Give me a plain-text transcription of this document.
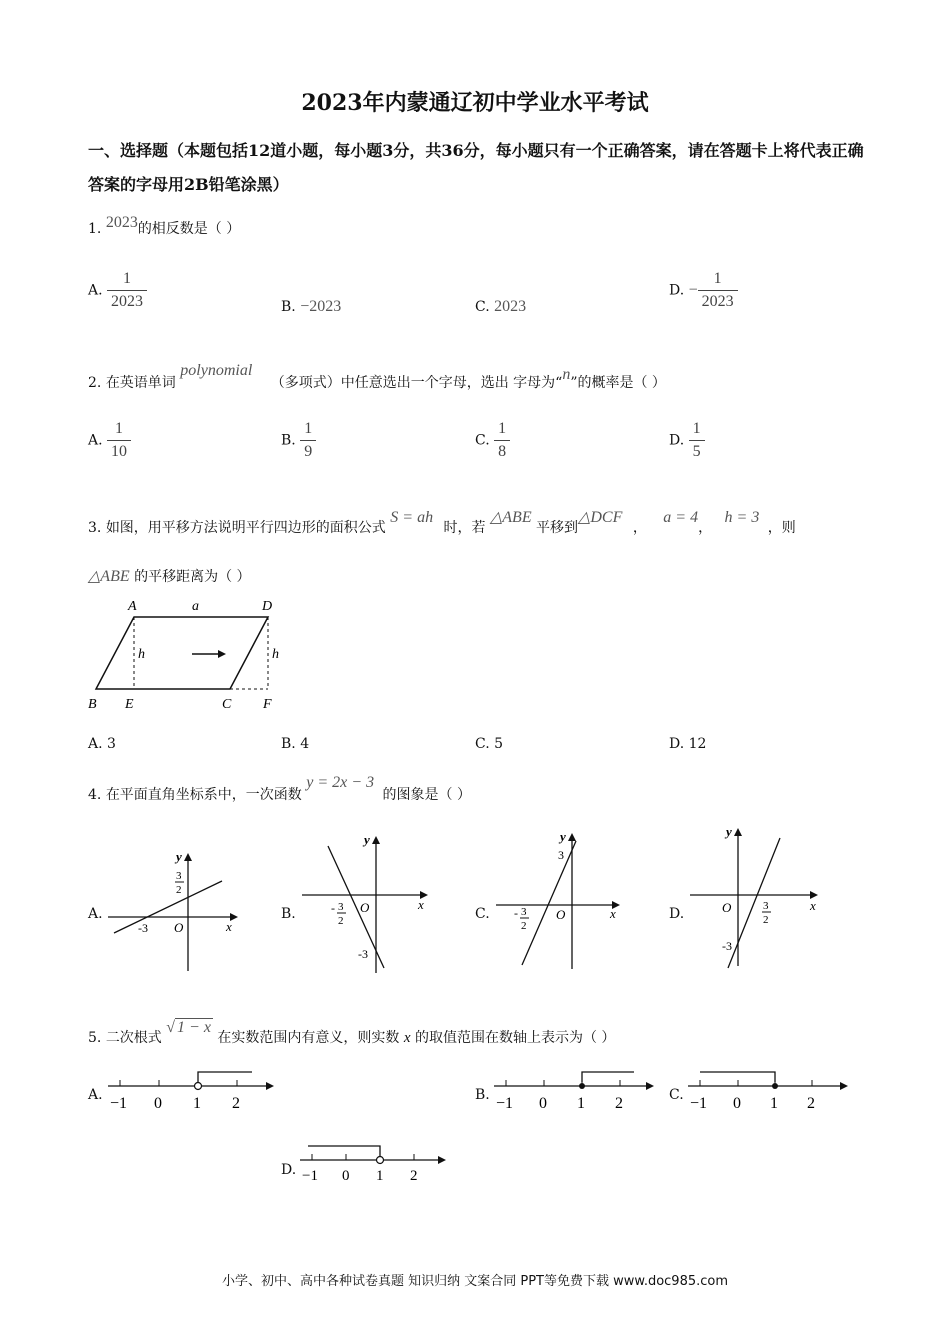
2023年内蒙通辽初中学业水平考试
一、选择题（本题包括12道小题，每小题3分，共36分，每小题只有一个正确答案，请在答题卡上将代表正确答案的字母用2B铅笔涂黑）
1. 2023的相反数是（ ）
A. $\frac{1}{2023}$	B. −2023	C. 2023
D. − $\frac{1}{2023}$
2. 在英语单词 polynomial （多项式）中任意选出一个字母，选出 字母为“n”的概率是（ ）
A. $\frac{1}{10}$	B. $\frac{1}{9}$	C. $\frac{1}{8}$	D. $\frac{1}{5}$
3. 如图，用平移方法说明平行四边形的面积公式 S = ah 时，若 △ABE 平移到△DCF ， a = 4， h = 3 ，则
△ABE 的平移距离为（ ）
A	a	D
h	h
B E	C F
A. 3	B. 4	C. 5	D. 12
4. 在平面直角坐标系中，一次函数 y = 2x − 3 的图象是（ ）
A.
y
x
O
3
2
-3
B.
y
x
O
- 3
2
-3
C.
y
x
O
3
- 3
2
D.
y
x
O	3
2
-3
5. 二次根式 √ 1 − x 在实数范围内有意义，则实数 x 的取值范围在数轴上表示为（ ）
A. −1 0 1 2	B. −1 0 1 2	C. −1 0 1 2
D. −1 0 1 2
小学、初中、高中各种试卷真题 知识归纳 文案合同 PPT等免费下载 www.doc985.com
